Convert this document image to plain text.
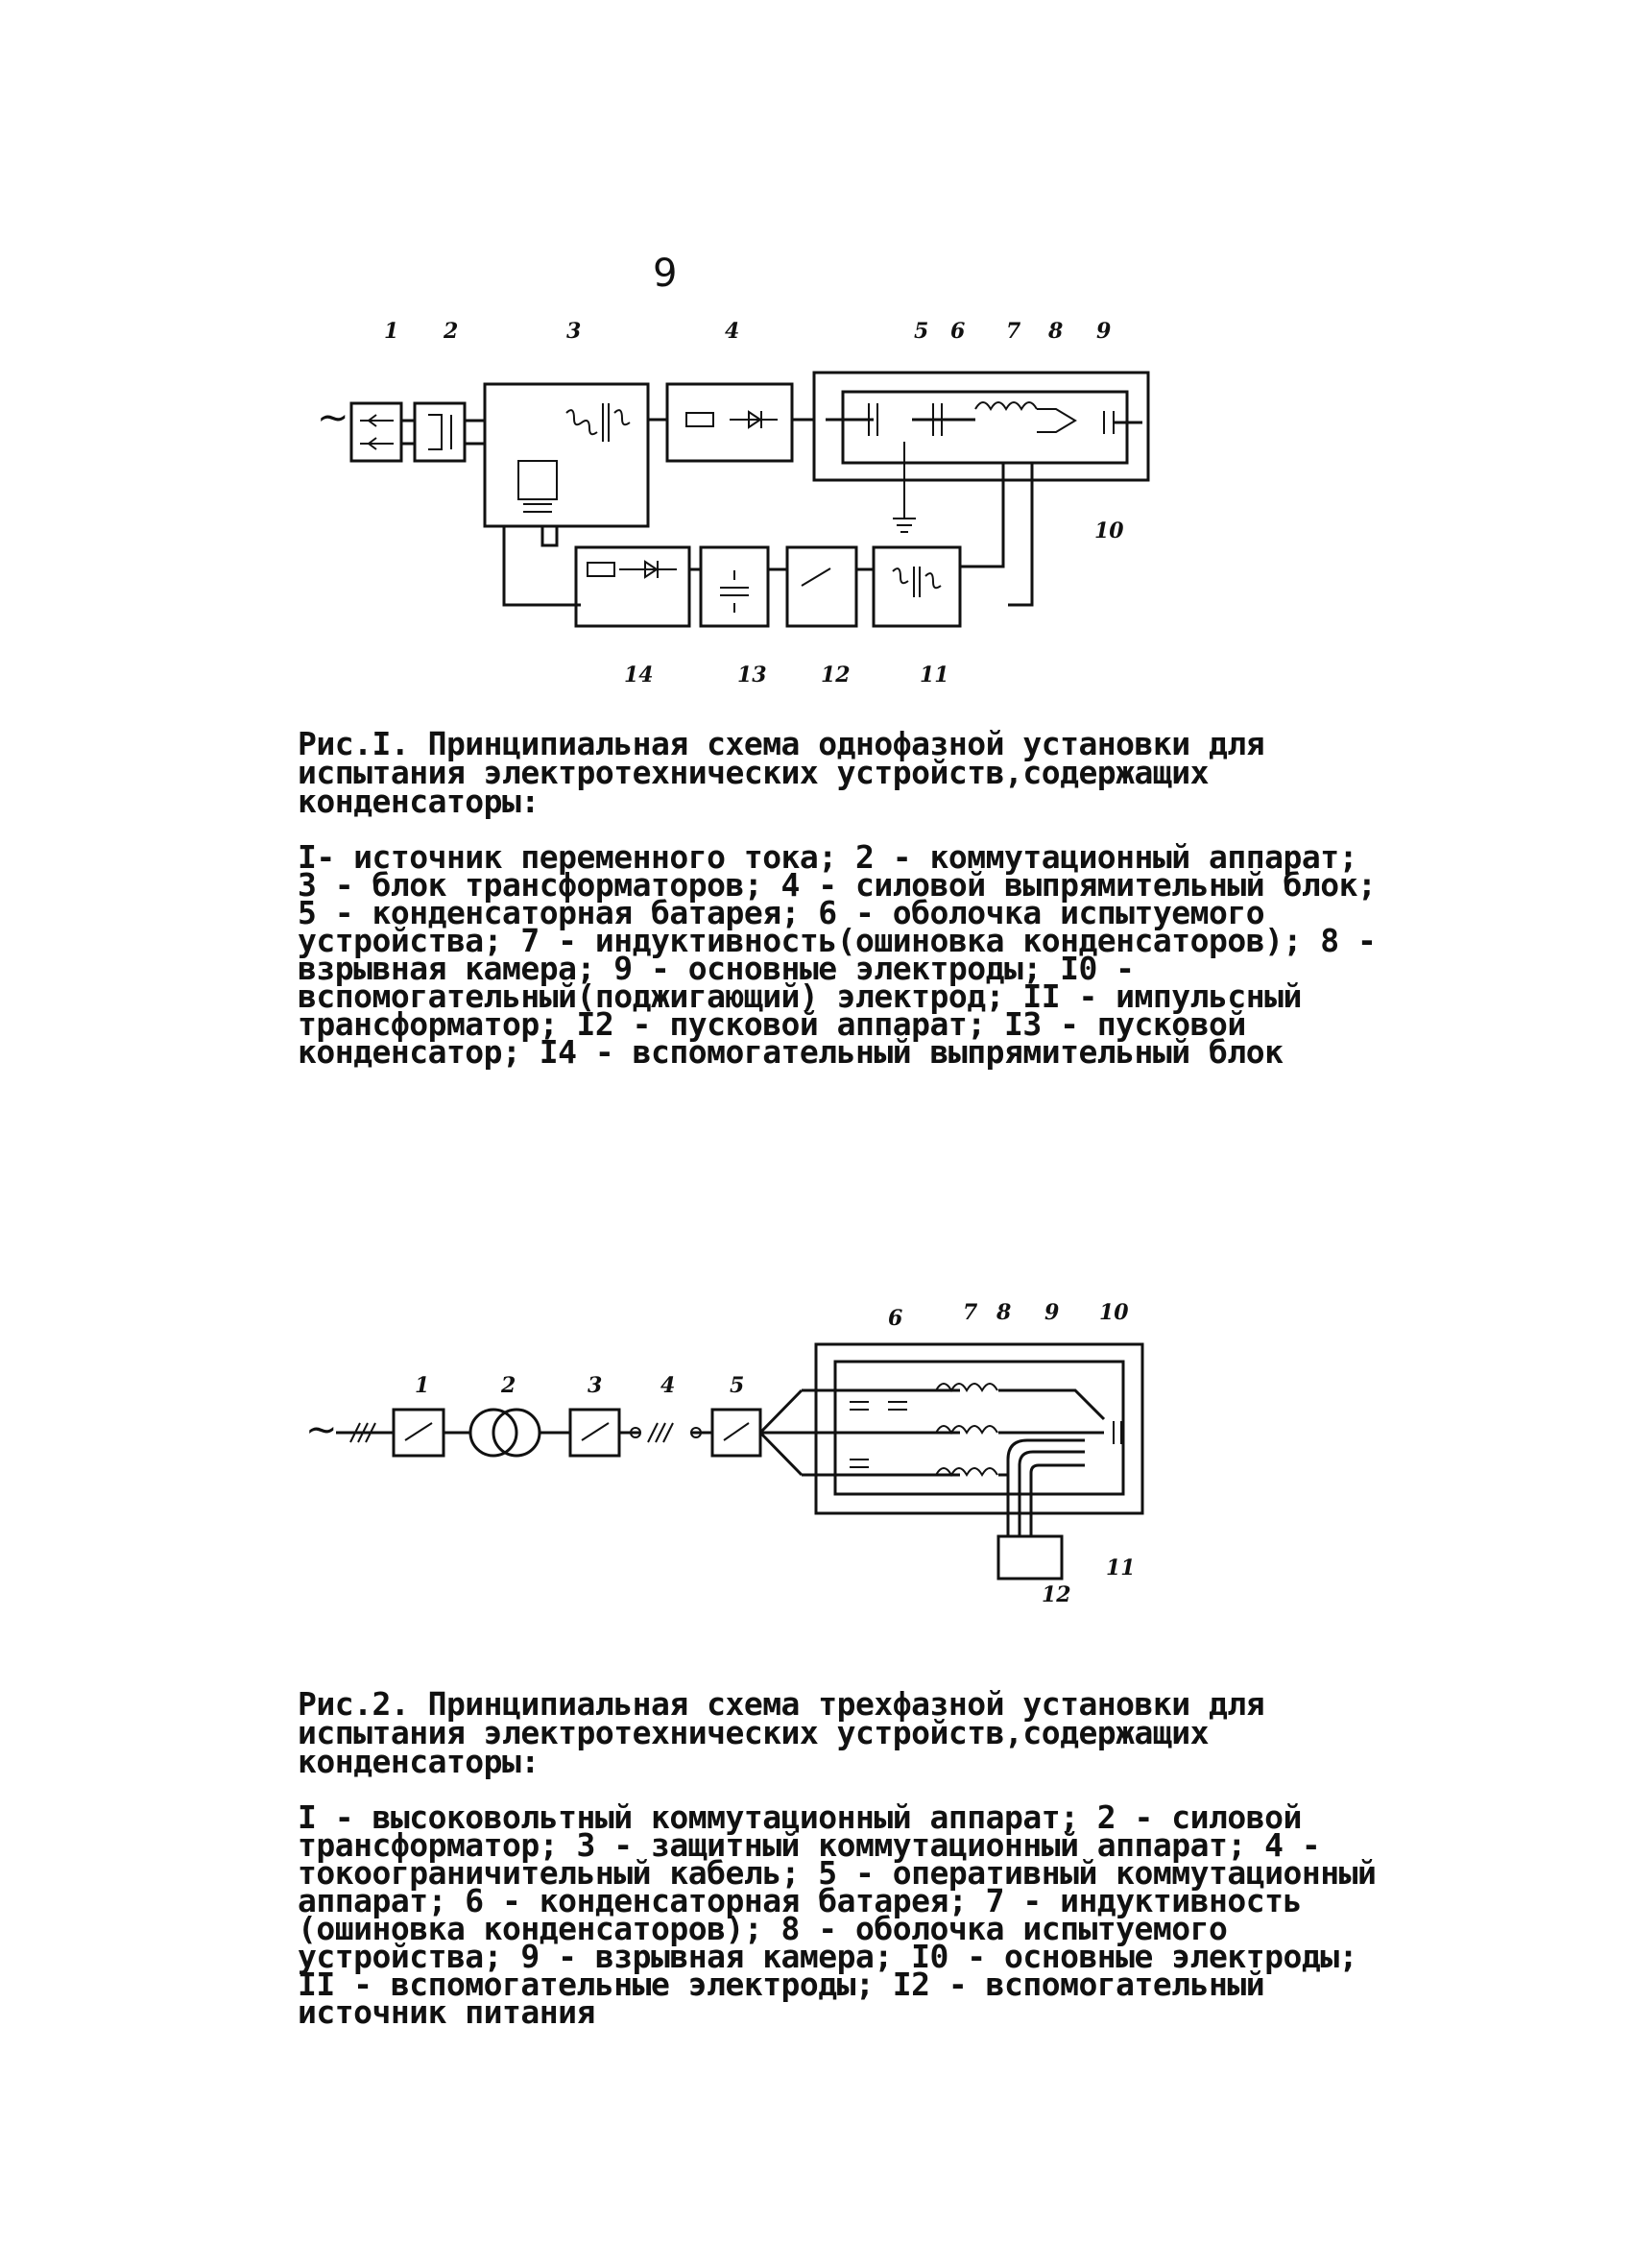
9
1 2	3	4	5 6 7 8 9
10
14	13	12	11
~

Рис.I. Принципиальная схема однофазной установки для испытания электротехнических устройств,содержащих конденсаторы:

I- источник переменного тока; 2 - коммутационный аппарат; 3 - блок трансформаторов; 4 - силовой выпрямительный блок; 5 - конденсаторная батарея; 6 - оболочка испытуемого устройства; 7 - индуктивность(ошиновка конденсаторов); 8 - взрывная камера; 9 - основные электроды; I0 - вспомогательный(поджигающий) электрод; II - импульсный трансформатор; I2 - пусковой аппарат; I3 - пусковой конденсатор; I4 - вспомогательный выпрямительный блок

6	7 8 9 10
1	2	3	4	5
11
12
~

Рис.2. Принципиальная схема трехфазной установки для испытания электротехнических устройств,содержащих конденсаторы:

I - высоковольтный коммутационный аппарат; 2 - силовой трансформатор; 3 - защитный коммутационный аппарат; 4 - токоограничительный кабель; 5 - оперативный коммутационный аппарат; 6 - конденсаторная батарея; 7 - индуктивность (ошиновка конденсаторов); 8 - оболочка испытуемого устройства; 9 - взрывная камера; I0 - основные электроды; II - вспомогательные электроды; I2 - вспомогательный источник питания
